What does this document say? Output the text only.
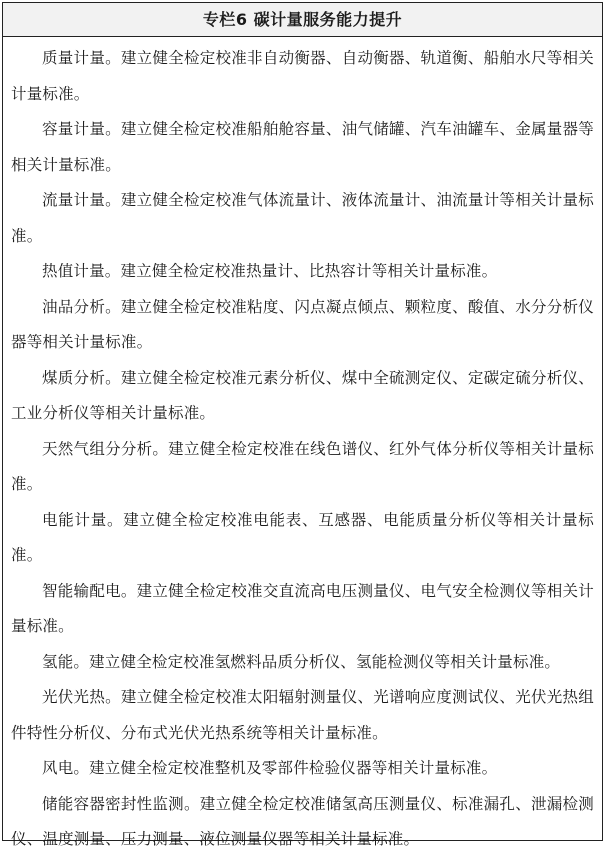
专栏6 碳计量服务能力提升

质量计量。建立健全检定校准非自动衡器、自动衡器、轨道衡、船舶水尺等相关计量标准。

容量计量。建立健全检定校准船舶舱容量、油气储罐、汽车油罐车、金属量器等相关计量标准。

流量计量。建立健全检定校准气体流量计、液体流量计、油流量计等相关计量标准。

热值计量。建立健全检定校准热量计、比热容计等相关计量标准。

油品分析。建立健全检定校准粘度、闪点凝点倾点、颗粒度、酸值、水分分析仪器等相关计量标准。

煤质分析。建立健全检定校准元素分析仪、煤中全硫测定仪、定碳定硫分析仪、工业分析仪等相关计量标准。

天然气组分分析。建立健全检定校准在线色谱仪、红外气体分析仪等相关计量标准。

电能计量。建立健全检定校准电能表、互感器、电能质量分析仪等相关计量标准。

智能输配电。建立健全检定校准交直流高电压测量仪、电气安全检测仪等相关计量标准。

氢能。建立健全检定校准氢燃料品质分析仪、氢能检测仪等相关计量标准。

光伏光热。建立健全检定校准太阳辐射测量仪、光谱响应度测试仪、光伏光热组件特性分析仪、分布式光伏光热系统等相关计量标准。

风电。建立健全检定校准整机及零部件检验仪器等相关计量标准。

储能容器密封性监测。建立健全检定校准储氢高压测量仪、标准漏孔、泄漏检测仪、温度测量、压力测量、液位测量仪器等相关计量标准。
